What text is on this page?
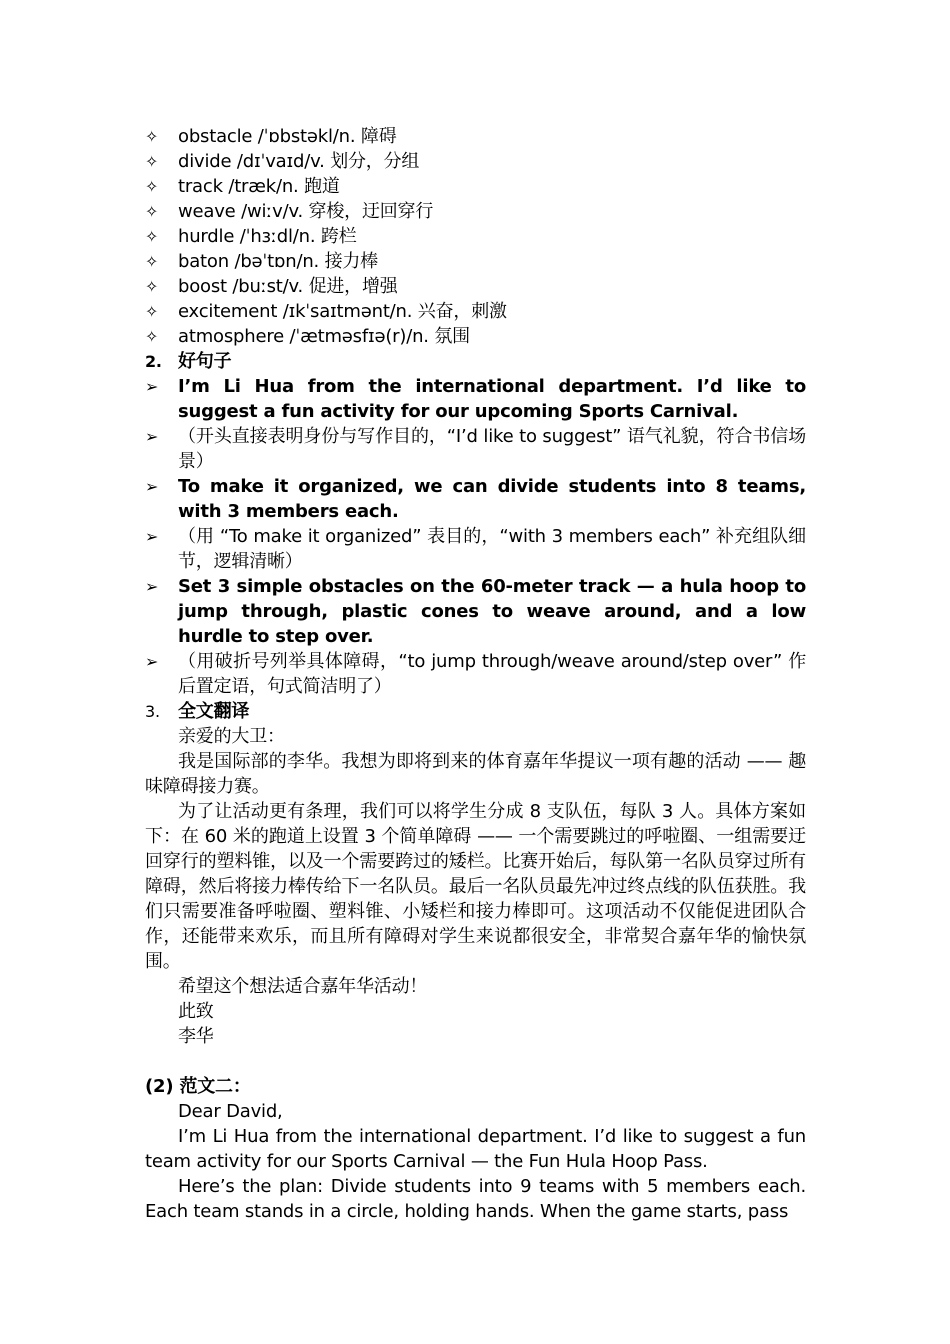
✧	obstacle /ˈɒbstəkl/n. 障碍
✧	divide /dɪˈvaɪd/v. 划分，分组
✧	track /træk/n. 跑道
✧	weave /wiːv/v. 穿梭，迂回穿行
✧	hurdle /ˈhɜːdl/n. 跨栏
✧	baton /bəˈtɒn/n. 接力棒
✧	boost /buːst/v. 促进，增强
✧	excitement /ɪkˈsaɪtmənt/n. 兴奋，刺激
✧	atmosphere /ˈætməsfɪə(r)/n. 氛围
2. 好句子
➢	I’m Li Hua from the international department. I’d like to suggest a fun activity for our upcoming Sports Carnival.
➢	（开头直接表明身份与写作目的，“I’d like to suggest” 语气礼貌，符合书信场景）
➢	To make it organized, we can divide students into 8 teams, with 3 members each.
➢	（用 “To make it organized” 表目的，“with 3 members each” 补充组队细节，逻辑清晰）
➢	Set 3 simple obstacles on the 60-meter track — a hula hoop to jump through, plastic cones to weave around, and a low hurdle to step over.
➢	（用破折号列举具体障碍，“to jump through/weave around/step over” 作后置定语，句式简洁明了）
3.	全文翻译
亲爱的大卫：
我是国际部的李华。我想为即将到来的体育嘉年华提议一项有趣的活动 —— 趣味障碍接力赛。
为了让活动更有条理，我们可以将学生分成 8 支队伍，每队 3 人。具体方案如下：在 60 米的跑道上设置 3 个简单障碍 —— 一个需要跳过的呼啦圈、一组需要迂回穿行的塑料锥，以及一个需要跨过的矮栏。比赛开始后，每队第一名队员穿过所有障碍，然后将接力棒传给下一名队员。最后一名队员最先冲过终点线的队伍获胜。我们只需要准备呼啦圈、塑料锥、小矮栏和接力棒即可。这项活动不仅能促进团队合作，还能带来欢乐，而且所有障碍对学生来说都很安全，非常契合嘉年华的愉快氛围。
希望这个想法适合嘉年华活动！
此致
李华
(2) 范文二：
Dear David,
I’m Li Hua from the international department. I’d like to suggest a fun team activity for our Sports Carnival — the Fun Hula Hoop Pass.
Here’s the plan: Divide students into 9 teams with 5 members each. Each team stands in a circle, holding hands. When the game starts, pass
